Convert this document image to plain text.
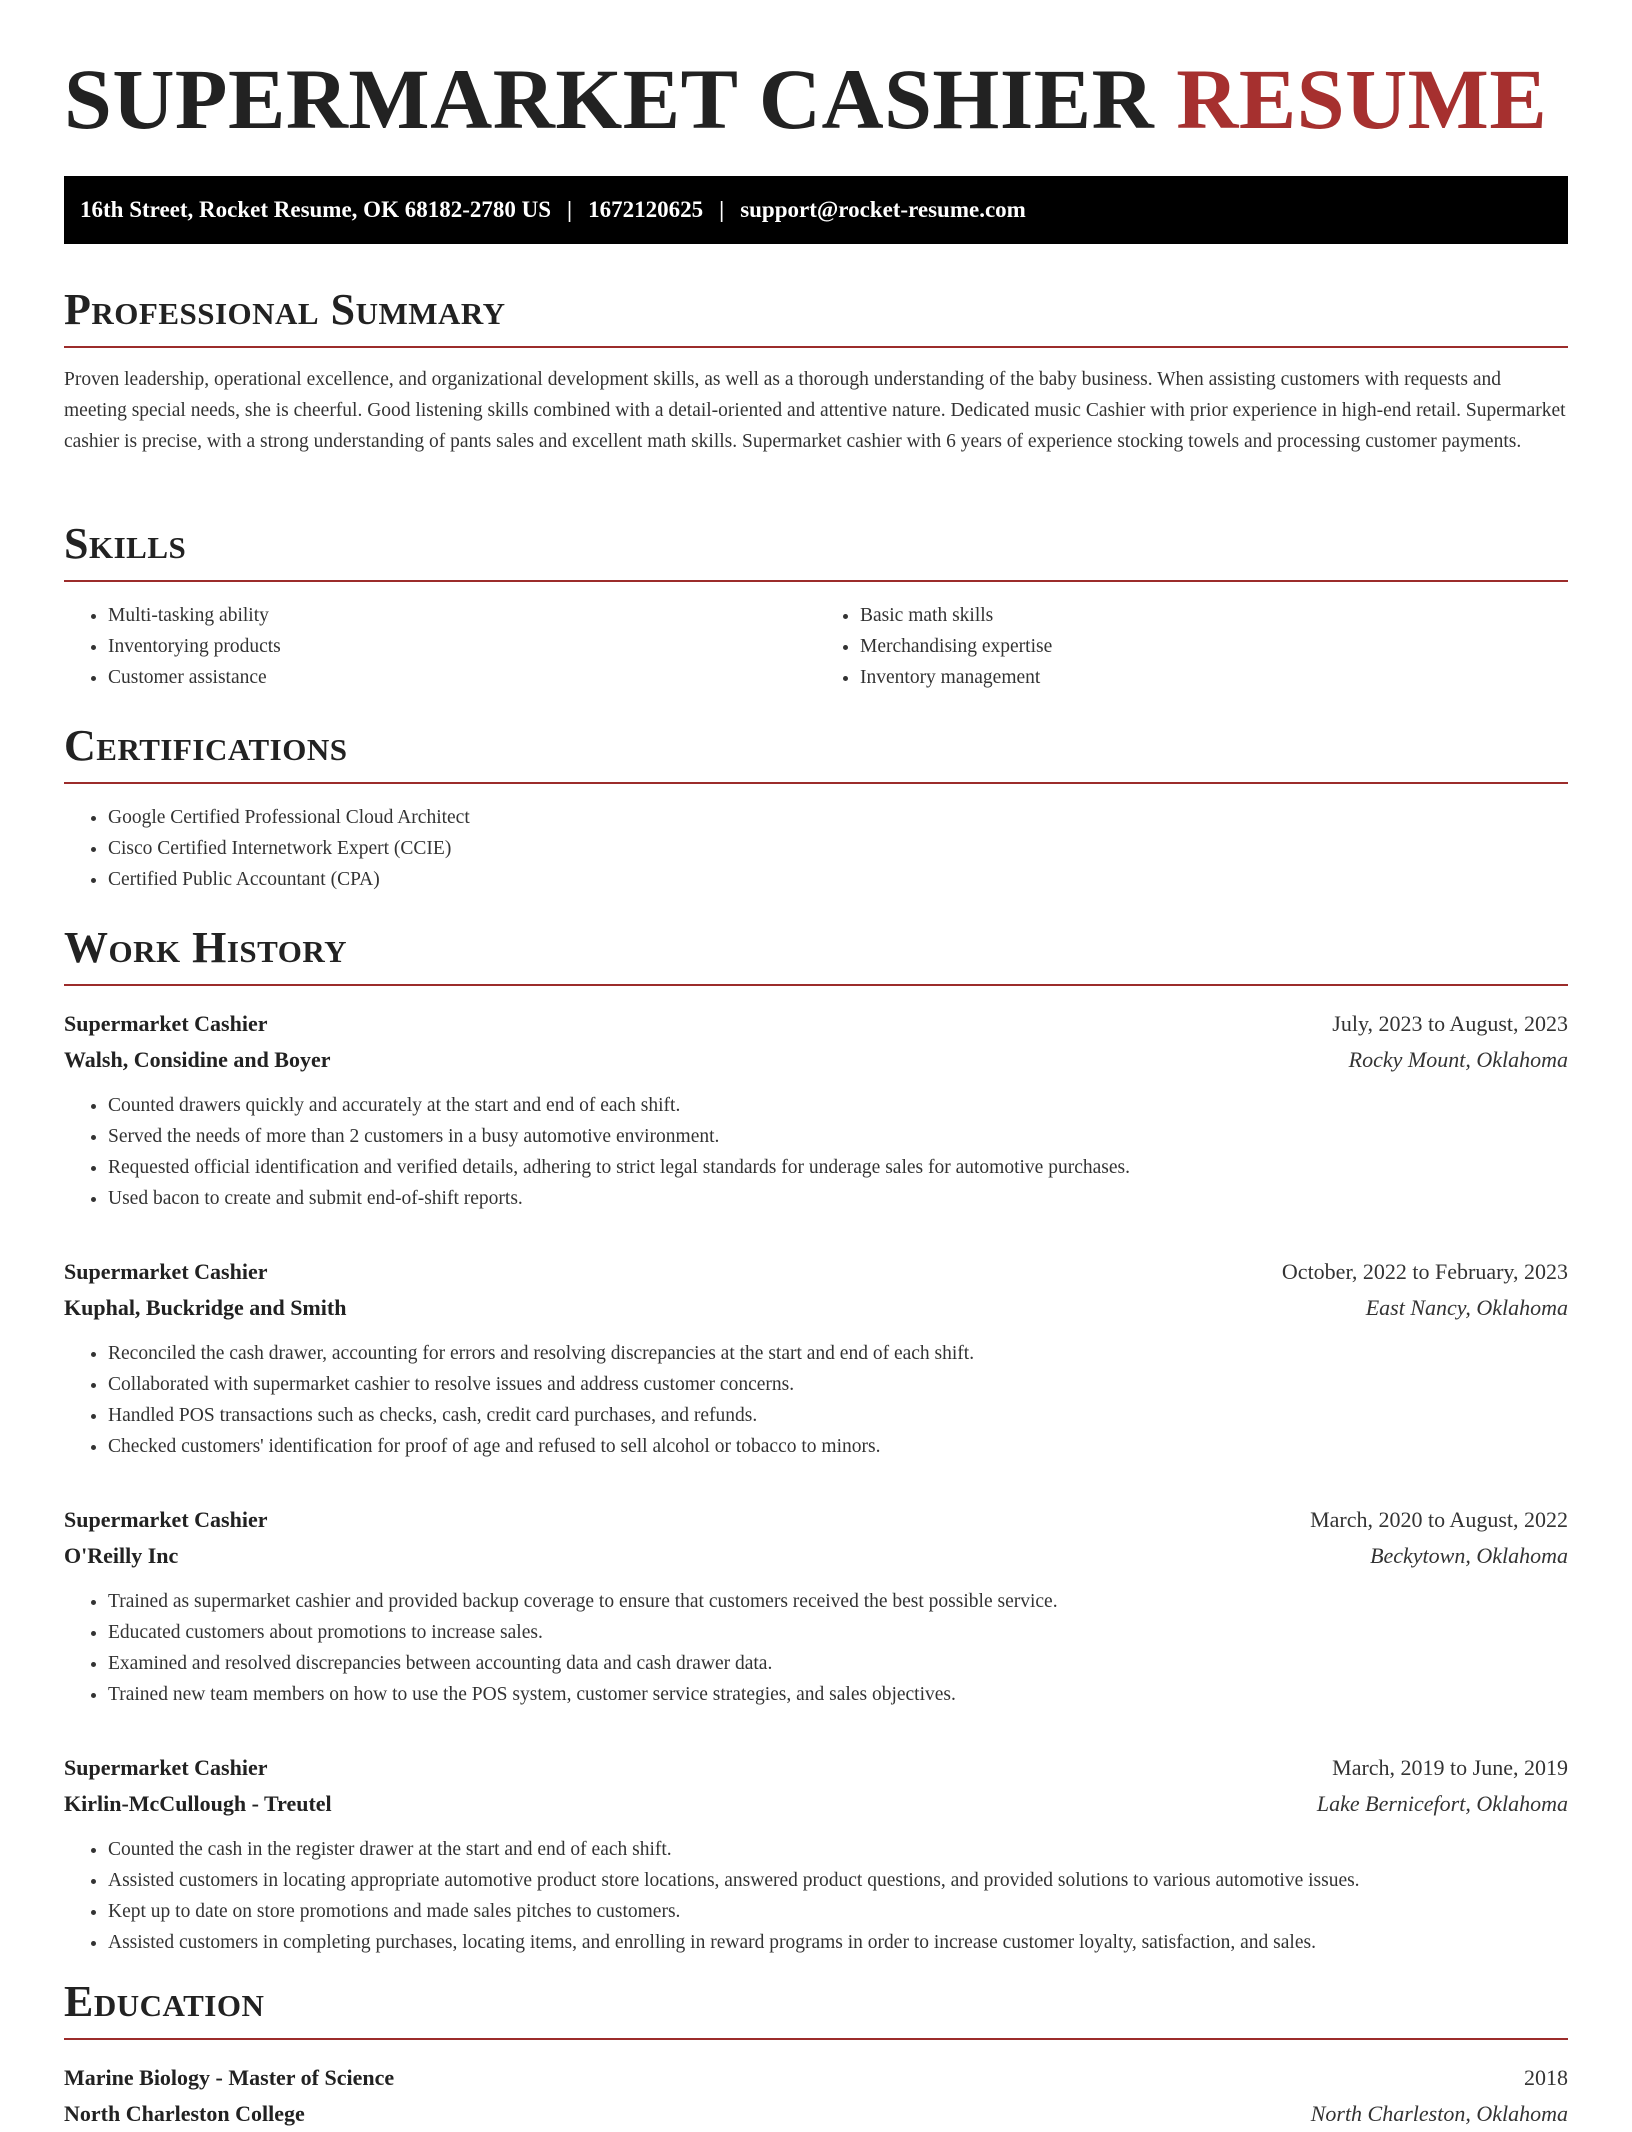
SUPERMARKET CASHIER RESUME
16th Street, Rocket Resume, OK 68182-2780 US | 1672120625 | support@rocket-resume.com
Professional Summary

Proven leadership, operational excellence, and organizational development skills, as well as a thorough understanding of the baby business. When assisting customers with requests and meeting special needs, she is cheerful. Good listening skills combined with a detail-oriented and attentive nature. Dedicated music Cashier with prior experience in high-end retail. Supermarket cashier is precise, with a strong understanding of pants sales and excellent math skills. Supermarket cashier with 6 years of experience stocking towels and processing customer payments.

Skills
• Multi-tasking ability
• Inventorying products
• Customer assistance
• Basic math skills
• Merchandising expertise
• Inventory management
Certifications
• Google Certified Professional Cloud Architect
• Cisco Certified Internetwork Expert (CCIE)
• Certified Public Accountant (CPA)
Work History
Supermarket Cashier	July, 2023 to August, 2023
Walsh, Considine and Boyer	Rocky Mount, Oklahoma
• Counted drawers quickly and accurately at the start and end of each shift.
• Served the needs of more than 2 customers in a busy automotive environment.
• Requested official identification and verified details, adhering to strict legal standards for underage sales for automotive purchases.
• Used bacon to create and submit end-of-shift reports.
Supermarket Cashier	October, 2022 to February, 2023
Kuphal, Buckridge and Smith	East Nancy, Oklahoma
• Reconciled the cash drawer, accounting for errors and resolving discrepancies at the start and end of each shift.
• Collaborated with supermarket cashier to resolve issues and address customer concerns.
• Handled POS transactions such as checks, cash, credit card purchases, and refunds.
• Checked customers' identification for proof of age and refused to sell alcohol or tobacco to minors.
Supermarket Cashier	March, 2020 to August, 2022
O'Reilly Inc	Beckytown, Oklahoma
• Trained as supermarket cashier and provided backup coverage to ensure that customers received the best possible service.
• Educated customers about promotions to increase sales.
• Examined and resolved discrepancies between accounting data and cash drawer data.
• Trained new team members on how to use the POS system, customer service strategies, and sales objectives.
Supermarket Cashier	March, 2019 to June, 2019
Kirlin-McCullough - Treutel	Lake Bernicefort, Oklahoma
• Counted the cash in the register drawer at the start and end of each shift.
• Assisted customers in locating appropriate automotive product store locations, answered product questions, and provided solutions to various automotive issues.
• Kept up to date on store promotions and made sales pitches to customers.
• Assisted customers in completing purchases, locating items, and enrolling in reward programs in order to increase customer loyalty, satisfaction, and sales.
Education
Marine Biology - Master of Science	2018
North Charleston College	North Charleston, Oklahoma
